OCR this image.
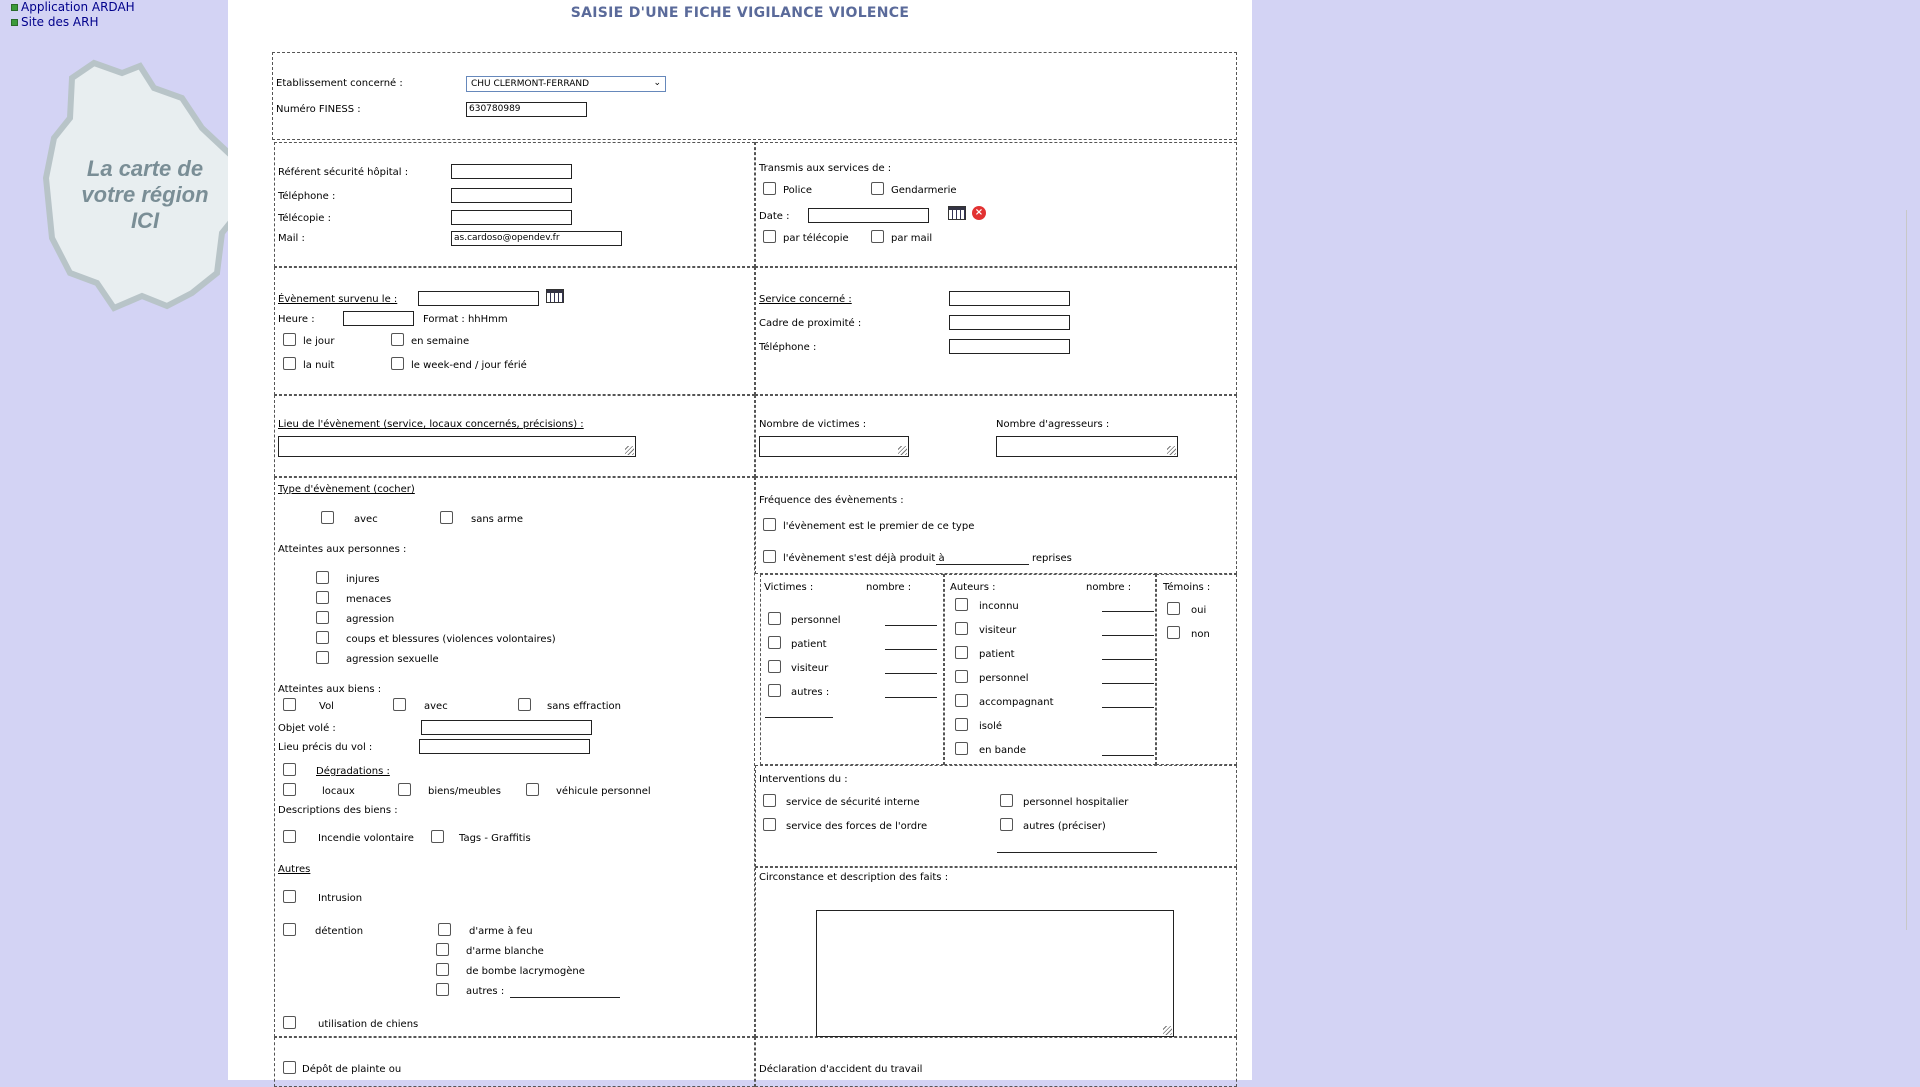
Application ARDAH
Site des ARH
La carte de
votre région
ICI
SAISIE D'UNE FICHE VIGILANCE VIOLENCE
Etablissement concerné :	CHU CLERMONT-FERRAND	⌄
Numéro FINESS :	630780989
Référent sécurité hôpital :
Téléphone :
Télécopie :
Mail :	as.cardoso@opendev.fr
Transmis aux services de :
Police	Gendarmerie
Date :	×
par télécopie	par mail
Évènement survenu le :
Heure :	Format : hhHmm
le jour	en semaine
la nuit	le week-end / jour férié
Service concerné :
Cadre de proximité :
Téléphone :
Lieu de l'évènement (service, locaux concernés, précisions) :	Nombre de victimes :	Nombre d'agresseurs :
Type d'évènement (cocher)
avec	sans arme
Atteintes aux personnes :
injures
menaces
agression
coups et blessures (violences volontaires)
agression sexuelle
Atteintes aux biens :
Vol	avec	sans effraction
Objet volé :
Lieu précis du vol :
Dégradations :
locaux	biens/meubles	véhicule personnel
Descriptions des biens :
Incendie volontaire	Tags - Graffitis
Autres
Intrusion
détention	d'arme à feu
d'arme blanche
de bombe lacrymogène
autres :
utilisation de chiens
Fréquence des évènements :
l'évènement est le premier de ce type
l'évènement s'est déjà produit à	reprises
Victimes :	nombre :
personnel
patient
visiteur
autres :
Auteurs :	nombre :
inconnu
visiteur
patient
personnel
accompagnant
isolé
en bande
Témoins :
oui
non
Interventions du :
service de sécurité interne
service des forces de l'ordre
personnel hospitalier
autres (préciser)
Circonstance et description des faits :
Dépôt de plainte ou	Déclaration d'accident du travail
